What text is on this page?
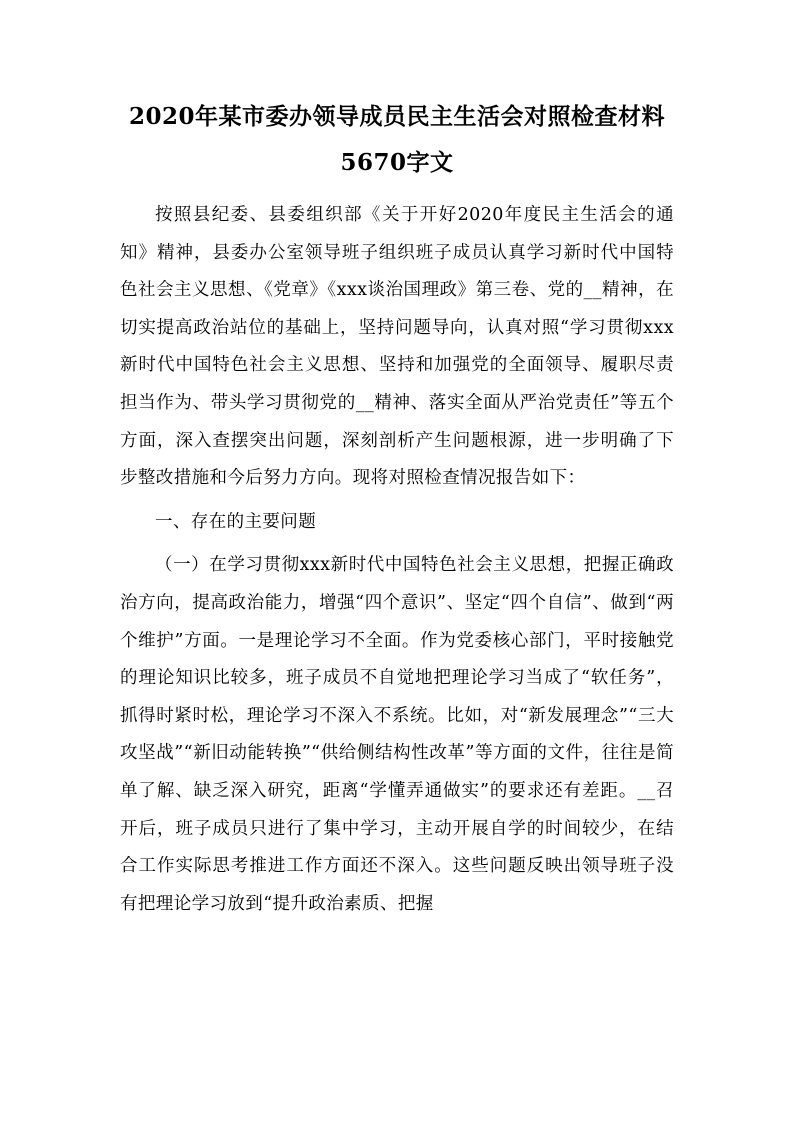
2020年某市委办领导成员民主生活会对照检查材料
5670字文

按照县纪委、县委组织部《关于开好2020年度民主生活会的通知》精神，县委办公室领导班子组织班子成员认真学习新时代中国特色社会主义思想、《党章》《xxx谈治国理政》第三卷、党的__精神，在切实提高政治站位的基础上，坚持问题导向，认真对照“学习贯彻xxx新时代中国特色社会主义思想、坚持和加强党的全面领导、履职尽责担当作为、带头学习贯彻党的__精神、落实全面从严治党责任”等五个方面，深入查摆突出问题，深刻剖析产生问题根源，进一步明确了下步整改措施和今后努力方向。现将对照检查情况报告如下：

一、存在的主要问题

（一）在学习贯彻xxx新时代中国特色社会主义思想，把握正确政治方向，提高政治能力，增强“四个意识”、坚定“四个自信”、做到“两个维护”方面。一是理论学习不全面。作为党委核心部门，平时接触党的理论知识比较多，班子成员不自觉地把理论学习当成了“软任务”，抓得时紧时松，理论学习不深入不系统。比如，对“新发展理念”“三大攻坚战”“新旧动能转换”“供给侧结构性改革”等方面的文件，往往是简单了解、缺乏深入研究，距离“学懂弄通做实”的要求还有差距。__召开后，班子成员只进行了集中学习，主动开展自学的时间较少，在结合工作实际思考推进工作方面还不深入。这些问题反映出领导班子没有把理论学习放到“提升政治素质、把握
